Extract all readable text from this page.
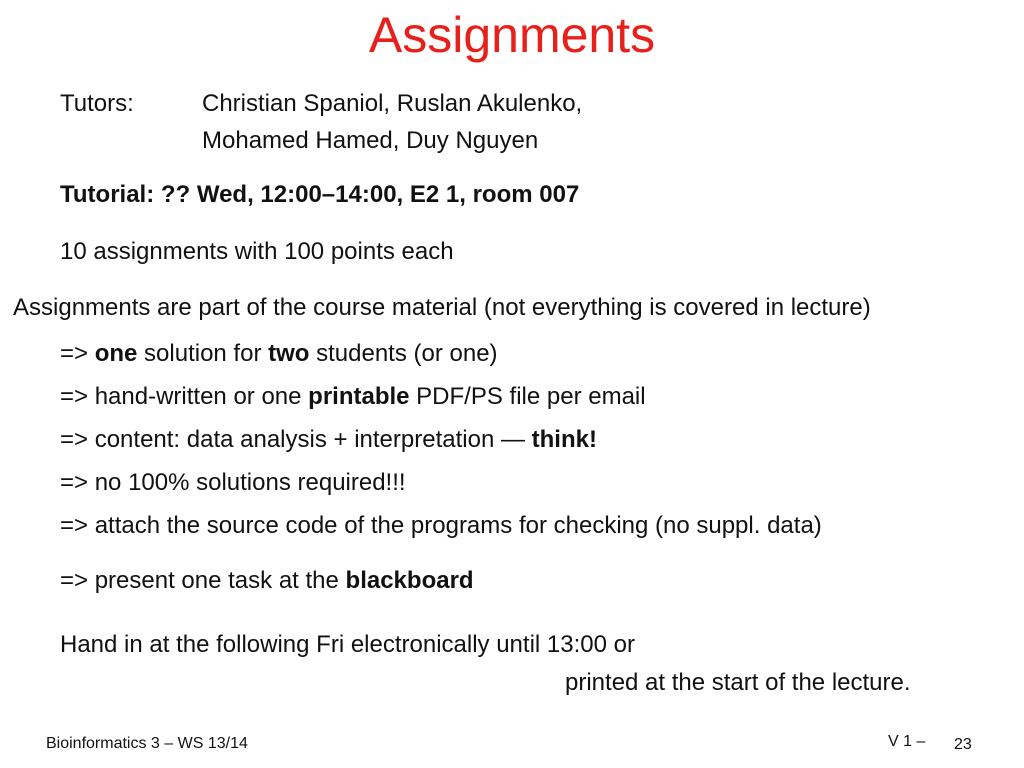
Assignments
Tutors:	Christian Spaniol, Ruslan Akulenko,
Mohamed Hamed, Duy Nguyen
Tutorial: ?? Wed, 12:00–14:00, E2 1, room 007
10 assignments with 100 points each
Assignments are part of the course material (not everything is covered in lecture)
=> one solution for two students (or one)
=> hand-written or one printable PDF/PS file per email
=> content: data analysis + interpretation — think!
=> no 100% solutions required!!!
=> attach the source code of the programs for checking (no suppl. data)
=> present one task at the blackboard
Hand in at the following Fri electronically until 13:00 or
printed at the start of the lecture.
Bioinformatics 3 – WS 13/14	V 1 – 23
